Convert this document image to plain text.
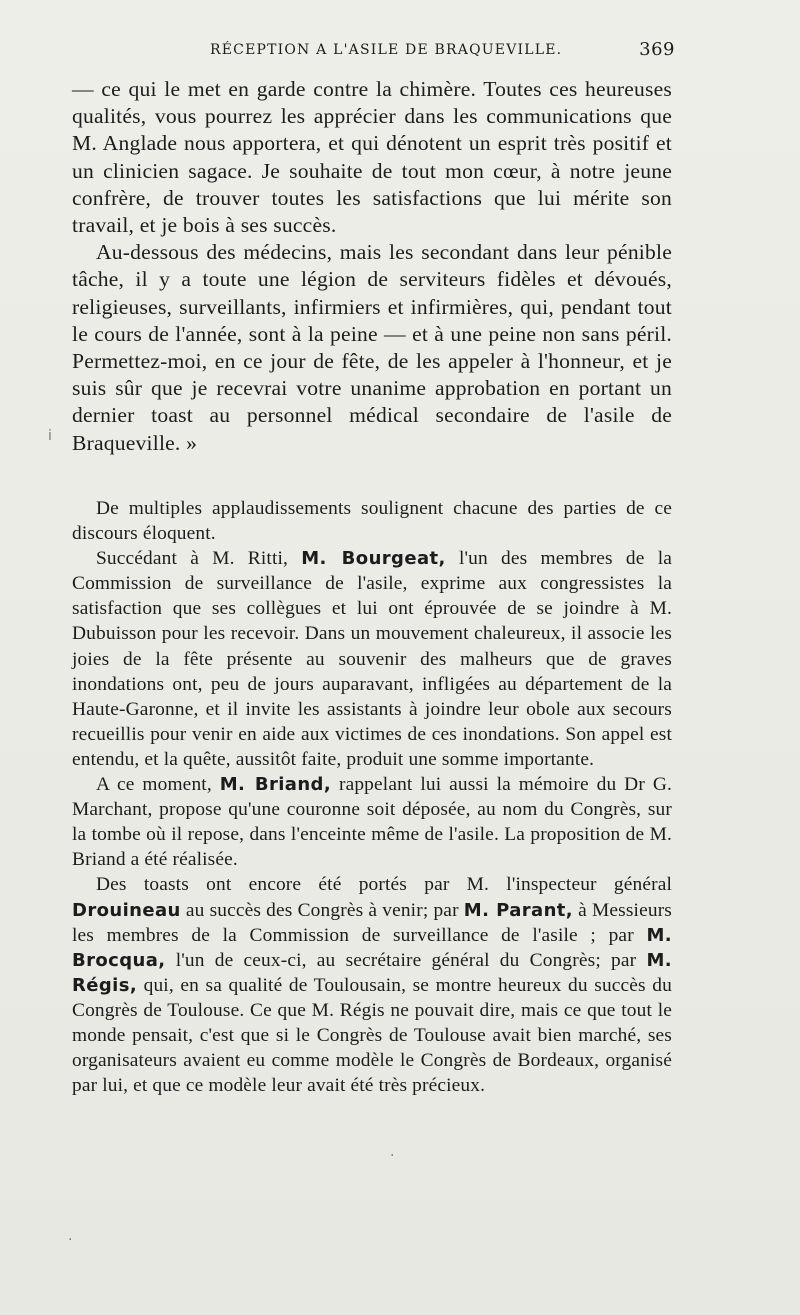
RÉCEPTION A L'ASILE DE BRAQUEVILLE.	369

— ce qui le met en garde contre la chimère. Toutes ces heureuses qualités, vous pourrez les apprécier dans les communications que M. Anglade nous apportera, et qui dénotent un esprit très positif et un clinicien sagace. Je souhaite de tout mon cœur, à notre jeune confrère, de trouver toutes les satisfactions que lui mérite son travail, et je bois à ses succès.

Au-dessous des médecins, mais les secondant dans leur pénible tâche, il y a toute une légion de serviteurs fidèles et dévoués, religieuses, surveillants, infirmiers et infirmières, qui, pendant tout le cours de l'année, sont à la peine — et à une peine non sans péril. Permettez-moi, en ce jour de fête, de les appeler à l'honneur, et je suis sûr que je recevrai votre unanime approbation en portant un dernier toast au personnel médical secondaire de l'asile de Braqueville. »

De multiples applaudissements soulignent chacune des parties de ce discours éloquent.

Succédant à M. Ritti, M. Bourgeat, l'un des membres de la Commission de surveillance de l'asile, exprime aux congressistes la satisfaction que ses collègues et lui ont éprouvée de se joindre à M. Dubuisson pour les recevoir. Dans un mouvement chaleureux, il associe les joies de la fête présente au souvenir des malheurs que de graves inondations ont, peu de jours auparavant, infligées au département de la Haute-Garonne, et il invite les assistants à joindre leur obole aux secours recueillis pour venir en aide aux victimes de ces inondations. Son appel est entendu, et la quête, aussitôt faite, produit une somme importante.

A ce moment, M. Briand, rappelant lui aussi la mémoire du Dr G. Marchant, propose qu'une couronne soit déposée, au nom du Congrès, sur la tombe où il repose, dans l'enceinte même de l'asile. La proposition de M. Briand a été réalisée.

Des toasts ont encore été portés par M. l'inspecteur général Drouineau au succès des Congrès à venir; par M. Parant, à Messieurs les membres de la Commission de surveillance de l'asile ; par M. Brocqua, l'un de ceux-ci, au secrétaire général du Congrès; par M. Régis, qui, en sa qualité de Toulousain, se montre heureux du succès du Congrès de Toulouse. Ce que M. Régis ne pouvait dire, mais ce que tout le monde pensait, c'est que si le Congrès de Toulouse avait bien marché, ses organisateurs avaient eu comme modèle le Congrès de Bordeaux, organisé par lui, et que ce modèle leur avait été très précieux.

ⅰ
·
·
